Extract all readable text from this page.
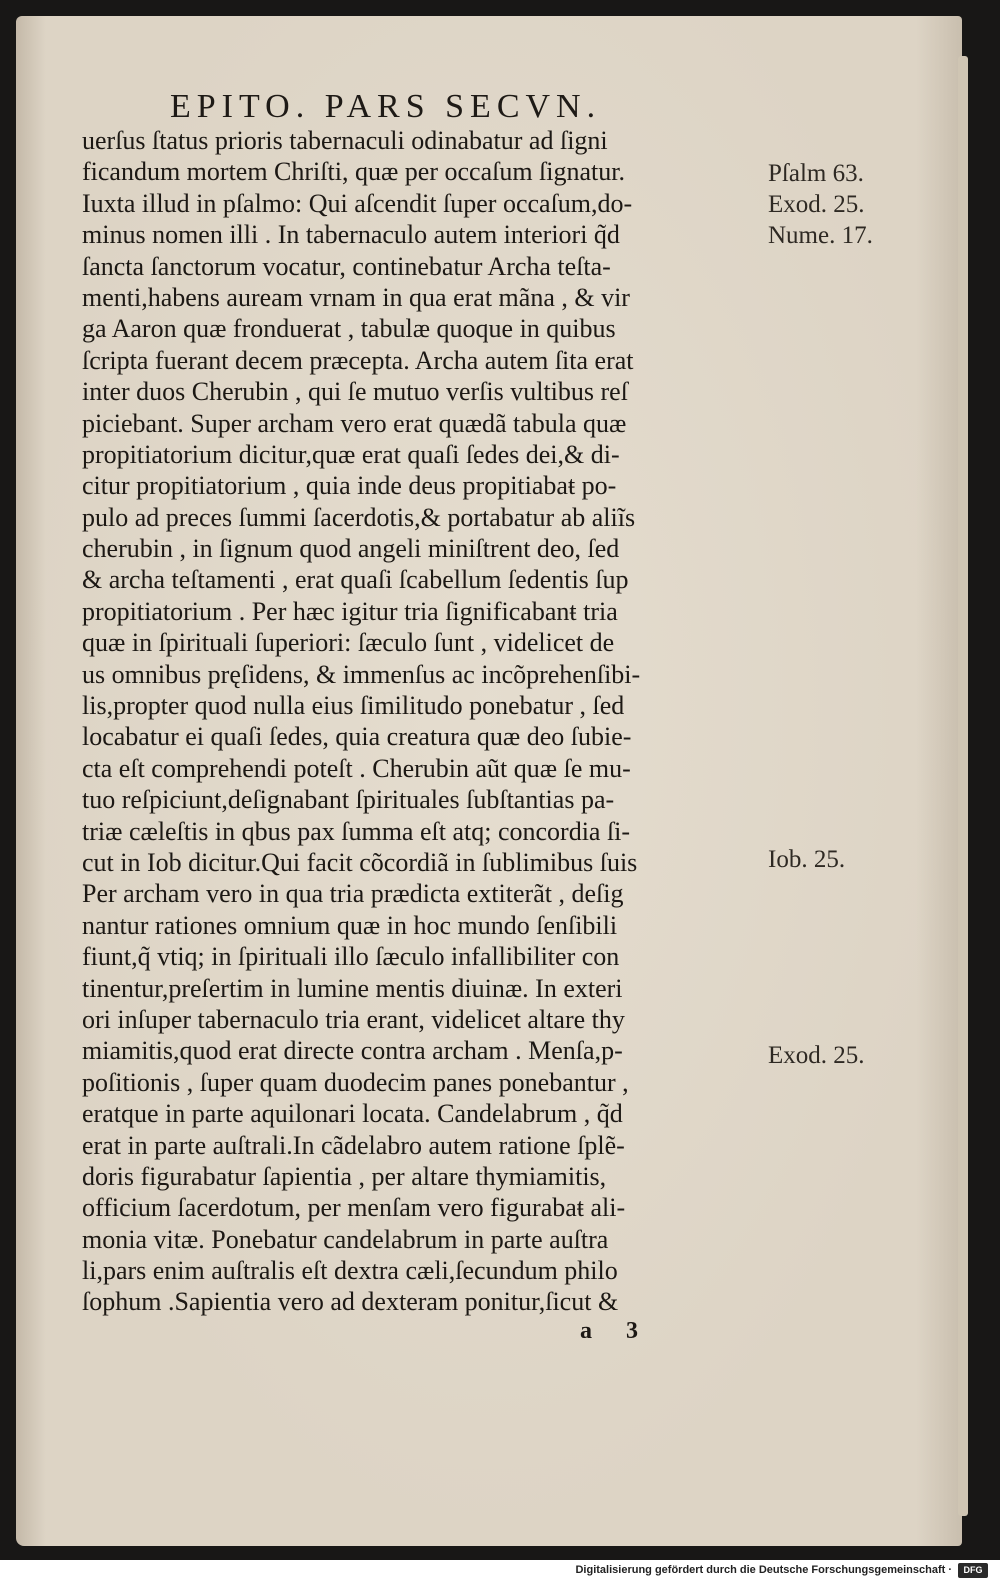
EPITO. PARS SECVN.
uerſus ſtatus prioris tabernaculi odinabatur ad ſigni
ficandum mortem Chriſti, quæ per occaſum ſignatur.
Iuxta illud in pſalmo: Qui aſcendit ſuper occaſum,do-
minus nomen illi . In tabernaculo autem interiori q̃d
ſancta ſanctorum vocatur, continebatur Archa teſta-
menti,habens auream vrnam in qua erat mãna , & vir
ga Aaron quæ fronduerat , tabulæ quoque in quibus
ſcripta fuerant decem præcepta. Archa autem ſita erat
inter duos Cherubin , qui ſe mutuo verſis vultibus reſ
piciebant. Super archam vero erat quædã tabula quæ
propitiatorium dicitur,quæ erat quaſi ſedes dei,& di-
citur propitiatorium , quia inde deus propitiabaŧ po-
pulo ad preces ſummi ſacerdotis,& portabatur ab aliĩs
cherubin , in ſignum quod angeli miniſtrent deo, ſed
& archa teſtamenti , erat quaſi ſcabellum ſedentis ſup
propitiatorium . Per hæc igitur tria ſignificabanŧ tria
quæ in ſpirituali ſuperiori: ſæculo ſunt , videlicet de
us omnibus pręſidens, & immenſus ac incõprehenſibi-
lis,propter quod nulla eius ſimilitudo ponebatur , ſed
locabatur ei quaſi ſedes, quia creatura quæ deo ſubie-
cta eſt comprehendi poteſt . Cherubin aũt quæ ſe mu-
tuo reſpiciunt,deſignabant ſpirituales ſubſtantias pa-
triæ cæleſtis in qbus pax ſumma eſt atq; concordia ſi-
cut in Iob dicitur.Qui facit cõcordiã in ſublimibus ſuis
Per archam vero in qua tria prædicta extiterãt , deſig
nantur rationes omnium quæ in hoc mundo ſenſibili
fiunt,q̃ vtiq; in ſpirituali illo ſæculo infallibiliter con
tinentur,preſertim in lumine mentis diuinæ. In exteri
ori inſuper tabernaculo tria erant, videlicet altare thy
miamitis,quod erat directe contra archam . Menſa,p-
poſitionis , ſuper quam duodecim panes ponebantur ,
eratque in parte aquilonari locata. Candelabrum , q̃d
erat in parte auſtrali.In cãdelabro autem ratione ſplẽ-
doris figurabatur ſapientia , per altare thymiamitis,
officium ſacerdotum, per menſam vero figurabaŧ ali-
monia vitæ. Ponebatur candelabrum in parte auſtra
li,pars enim auſtralis eſt dextra cæli,ſecundum philo
ſophum .Sapientia vero ad dexteram ponitur,ſicut &
Pſalm 63.
Exod. 25.
Nume. 17.
Iob. 25.
Exod. 25.
a 3
Digitalisierung gefördert durch die Deutsche Forschungsgemeinschaft ·	DFG
